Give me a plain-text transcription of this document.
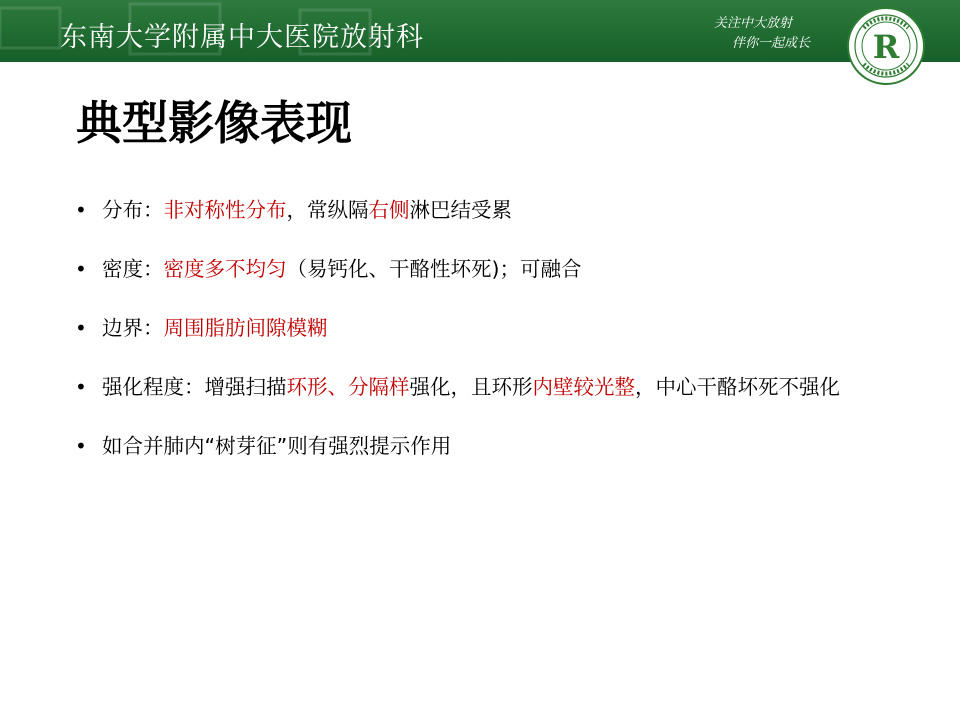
东南大学附属中大医院放射科	关注中大放射
伴你一起成长 R
典型影像表现
• 分布：非对称性分布，常纵隔右侧淋巴结受累
• 密度：密度多不均匀（易钙化、干酪性坏死)；可融合
• 边界：周围脂肪间隙模糊
• 强化程度：增强扫描环形、分隔样强化，且环形内壁较光整，中心干酪坏死不强化
• 如合并肺内“树芽征”则有强烈提示作用
